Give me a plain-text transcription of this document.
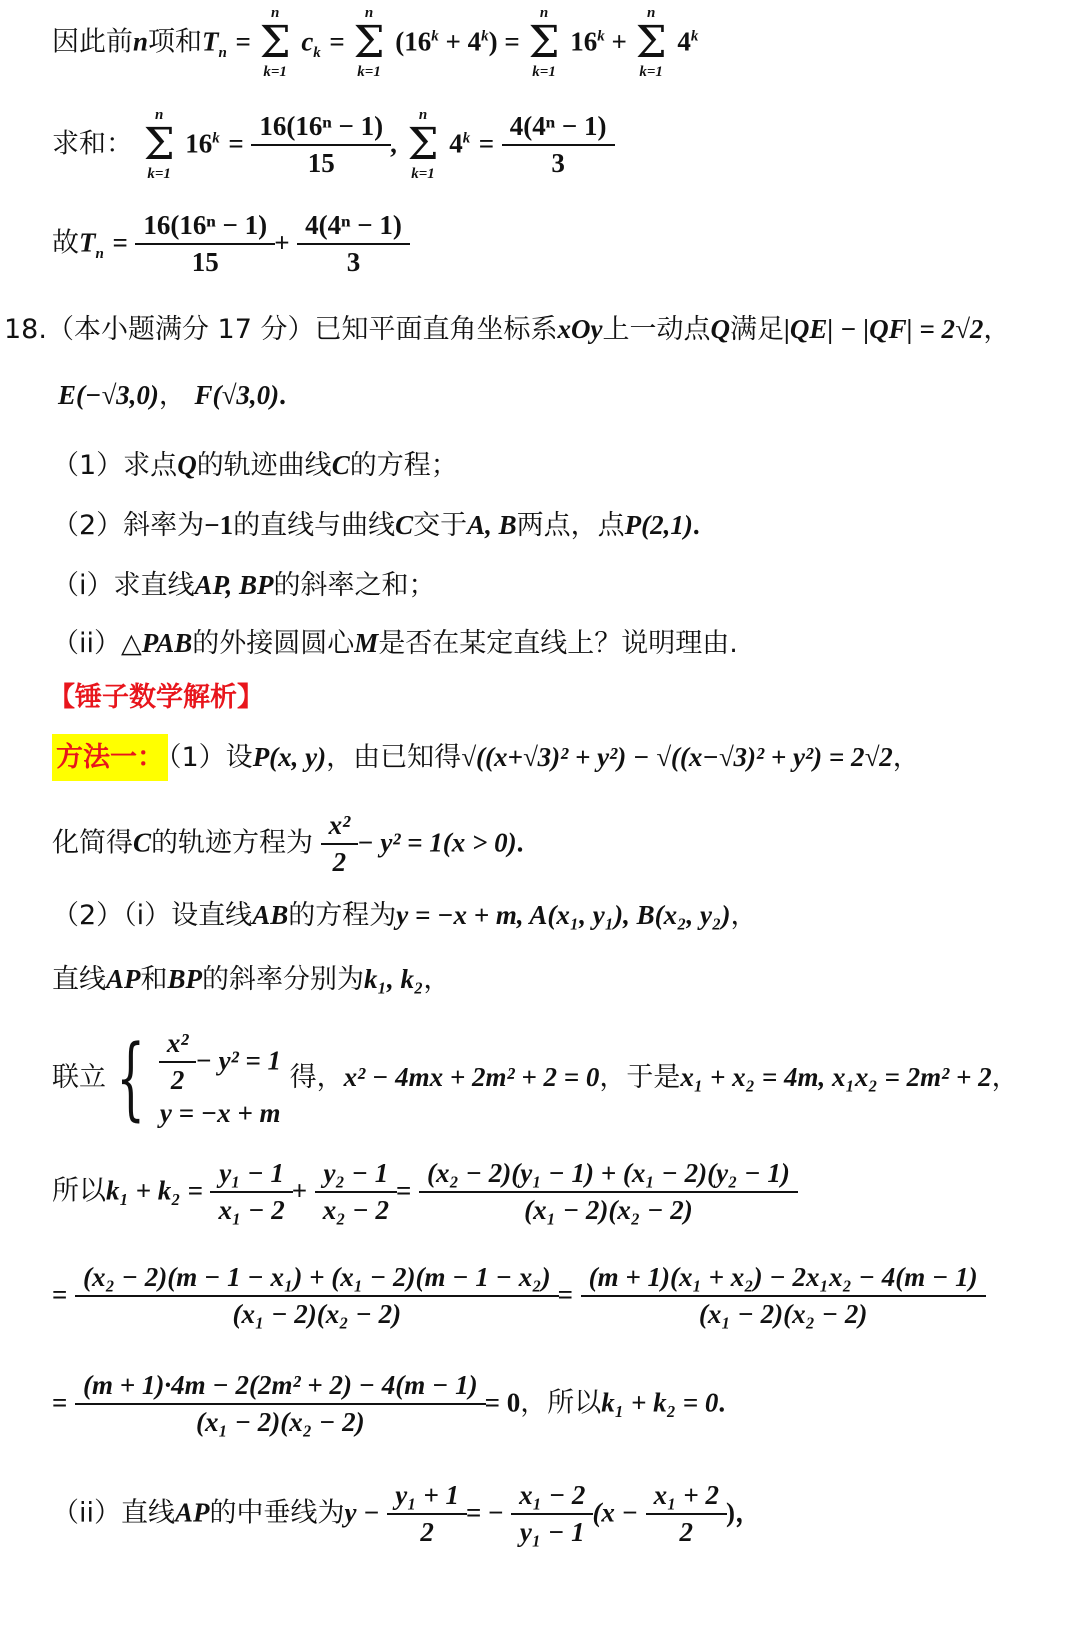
因此前n项和$T_n$ =
n
Σ
k=1
$c_k$ =
n
Σ
k=1
$(16^k + 4^k)$ =
n
Σ
k=1
$16^k$ +
n
Σ
k=1
4$^k$
求和：
n
Σ
k=1
$16^k = \frac{\text{16(16ⁿ − 1)}}{15}$ ,
n
Σ
k=1
$4^k = \frac{\text{4(4ⁿ − 1)}}{3}$
故$T_n = \frac{\text{16(16ⁿ − 1)}}{15} + \frac{\text{4(4ⁿ − 1)}}{3}$
18.（本小题满分 17 分）已知平面直角坐标系xOy上一动点Q满足|QE| − |QF| = 2√2，
E(−√3,0)， F(√3,0).
（1）求点Q的轨迹曲线C的方程；
（2）斜率为−1的直线与曲线C交于A, B两点，点P(2,1).
（i）求直线AP, BP的斜率之和；
（ii）△PAB的外接圆圆心M是否在某定直线上？说明理由.
【锤子数学解析】
方法一： （1）设P(x, y)，由已知得√((x+√3)² + y²) − √((x−√3)² + y²) = 2√2，
化简得C的轨迹方程为 $\frac{\text{x²}}{2} - y^2 = 1(x > 0)$.
（2）（i）设直线AB的方程为y = −x + m, A(x₁, y₁), B(x₂, y₂)，
直线AP和BP的斜率分别为k₁, k₂，
联立 { $\frac{\text{x²}}{2} - y^2 = 1$
y = −x + m
得，x² − 4mx + 2m² + 2 = 0，于是x₁ + x₂ = 4m, x₁x₂ = 2m² + 2，
所以$k_1 + k_2 = \frac{\text{y₁ − 1}}{\text{x₁ − 2}} + \frac{\text{y₂ − 1}}{\text{x₂ − 2}} = \frac{\text{(x₂ − 2)(y₁ − 1) + (x₁ − 2)(y₂ − 1)}}{\text{(x₁ − 2)(x₂ − 2)}}$
= $\frac{\text{(x₂ − 2)(m − 1 − x₁) + (x₁ − 2)(m − 1 − x₂)}}{\text{(x₁ − 2)(x₂ − 2)}} = \frac{\text{(m + 1)(x₁ + x₂) − 2x₁x₂ − 4(m − 1)}}{\text{(x₁ − 2)(x₂ − 2)}}$
= $\frac{\text{(m + 1)·4m − 2(2m² + 2) − 4(m − 1)}}{\text{(x₁ − 2)(x₂ − 2)}} = 0$，所以k₁ + k₂ = 0.
（ii）直线AP的中垂线为$y - \frac{\text{y₁ + 1}}{2}$ = − $\frac{\text{x₁ − 2}}{\text{y₁ − 1}} (x - \frac{\text{x₁ + 2}}{2}$ )，
